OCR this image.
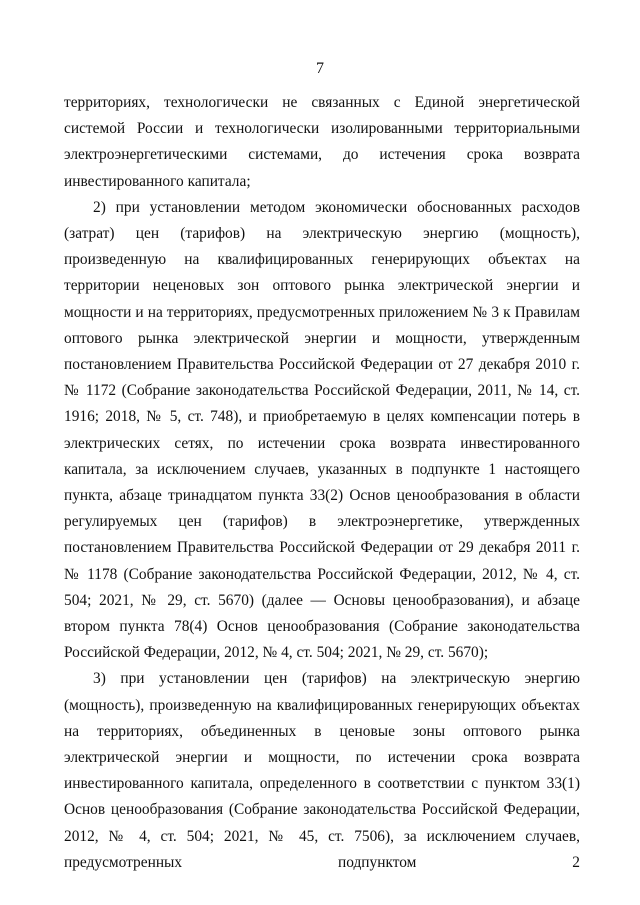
7

территориях, технологически не связанных с Единой энергетической системой России и технологически изолированными территориальными электроэнергетическими системами, до истечения срока возврата инвестированного капитала;

2) при установлении методом экономически обоснованных расходов (затрат) цен (тарифов) на электрическую энергию (мощность), произведенную на квалифицированных генерирующих объектах на территории неценовых зон оптового рынка электрической энергии и мощности и на территориях, предусмотренных приложением № 3 к Правилам оптового рынка электрической энергии и мощности, утвержденным постановлением Правительства Российской Федерации от 27 декабря 2010 г. № 1172 (Собрание законодательства Российской Федерации, 2011, № 14, ст. 1916; 2018, № 5, ст. 748), и приобретаемую в целях компенсации потерь в электрических сетях, по истечении срока возврата инвестированного капитала, за исключением случаев, указанных в подпункте 1 настоящего пункта, абзаце тринадцатом пункта 33(2) Основ ценообразования в области регулируемых цен (тарифов) в электроэнергетике, утвержденных постановлением Правительства Российской Федерации от 29 декабря 2011 г. № 1178 (Собрание законодательства Российской Федерации, 2012, № 4, ст. 504; 2021, № 29, ст. 5670) (далее — Основы ценообразования), и абзаце втором пункта 78(4) Основ ценообразования (Собрание законодательства Российской Федерации, 2012, № 4, ст. 504; 2021, № 29, ст. 5670);

3) при установлении цен (тарифов) на электрическую энергию (мощность), произведенную на квалифицированных генерирующих объектах на территориях, объединенных в ценовые зоны оптового рынка электрической энергии и мощности, по истечении срока возврата инвестированного капитала, определенного в соответствии с пунктом 33(1) Основ ценообразования (Собрание законодательства Российской Федерации, 2012, № 4, ст. 504; 2021, № 45, ст. 7506), за исключением случаев, предусмотренных подпунктом 2
